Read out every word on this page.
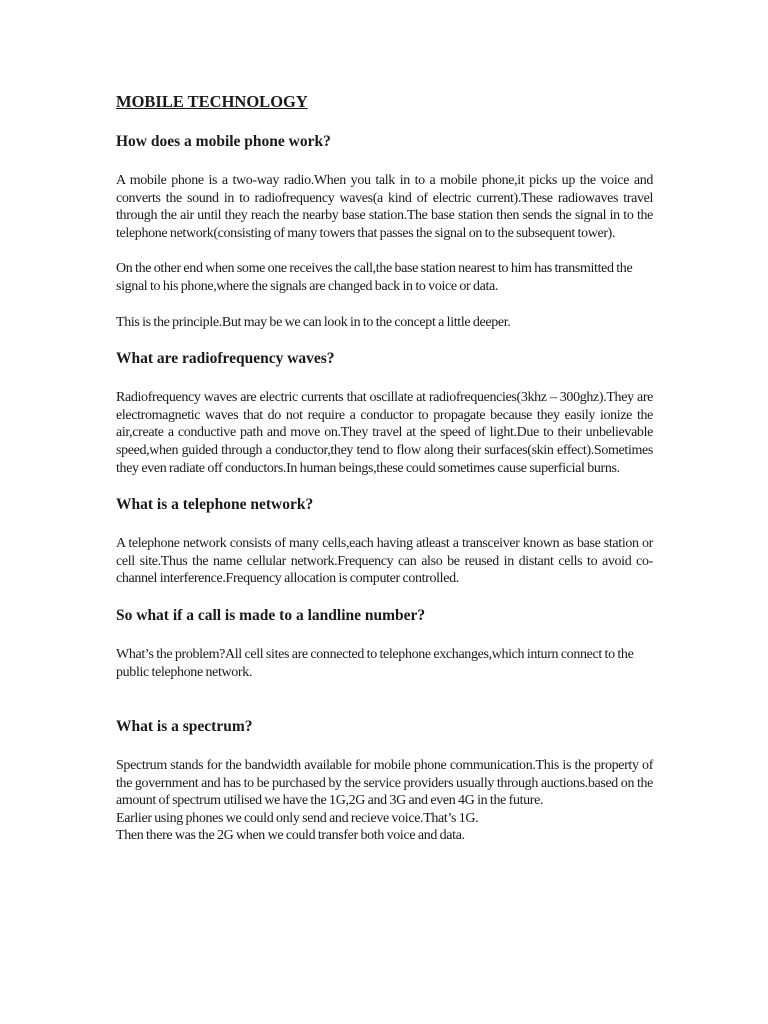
MOBILE TECHNOLOGY
How does a mobile phone work?

A mobile phone is a two-way radio.When you talk in to a mobile phone,it picks up the voice and converts the sound in to radiofrequency waves(a kind of electric current).These radiowaves travel through the air until they reach the nearby base station.The base station then sends the signal in to the telephone network(consisting of many towers that passes the signal on to the subsequent tower).

On the other end when some one receives the call,the base station nearest to him has transmitted the signal to his phone,where the signals are changed back in to voice or data.

This is the principle.But may be we can look in to the concept a little deeper.

What are radiofrequency waves?

Radiofrequency waves are electric currents that oscillate at radiofrequencies(3khz – 300ghz).They are electromagnetic waves that do not require a conductor to propagate because they easily ionize the air,create a conductive path and move on.They travel at the speed of light.Due to their unbelievable speed,when guided through a conductor,they tend to flow along their surfaces(skin effect).Sometimes they even radiate off conductors.In human beings,these could sometimes cause superficial burns.

What is a telephone network?

A telephone network consists of many cells,each having atleast a transceiver known as base station or cell site.Thus the name cellular network.Frequency can also be reused in distant cells to avoid co-channel interference.Frequency allocation is computer controlled.

So what if a call is made to a landline number?

What’s the problem?All cell sites are connected to telephone exchanges,which inturn connect to the public telephone network.

What is a spectrum?

Spectrum stands for the bandwidth available for mobile phone communication.This is the property of the government and has to be purchased by the service providers usually through auctions.based on the amount of spectrum utilised we have the 1G,2G and 3G and even 4G in the future.

Earlier using phones we could only send and recieve voice.That’s 1G.

Then there was the 2G when we could transfer both voice and data.
